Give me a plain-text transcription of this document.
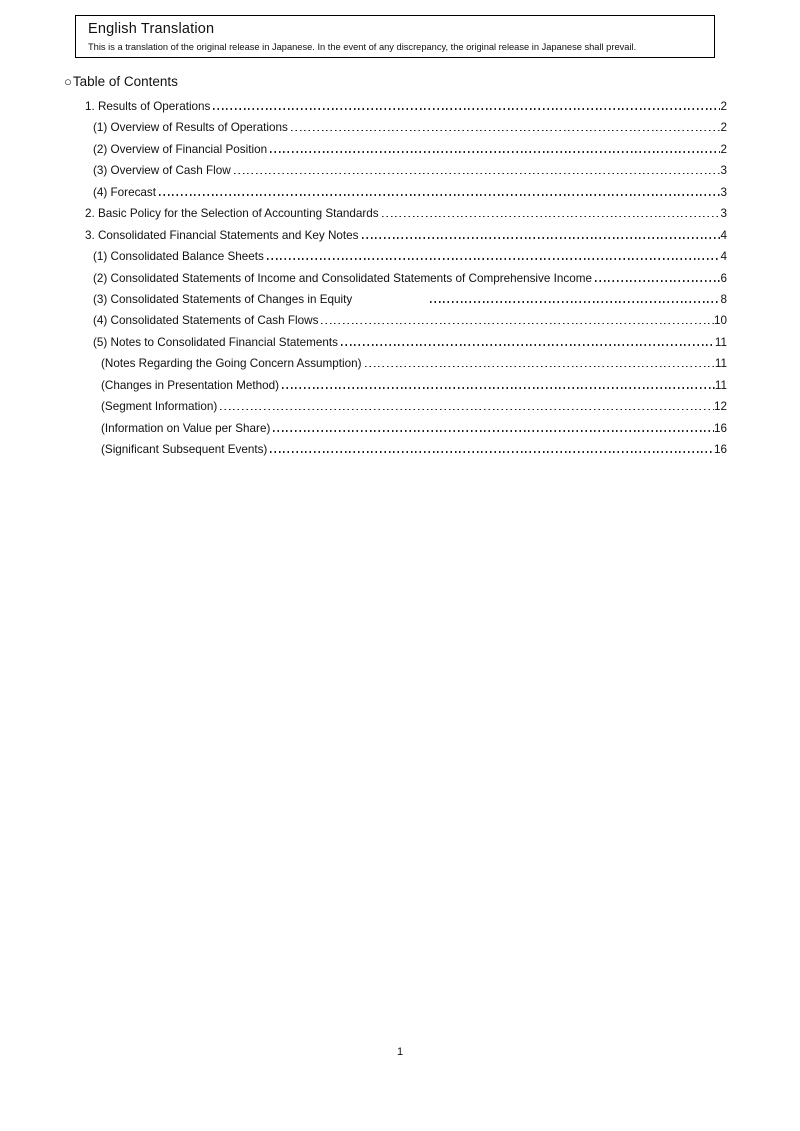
English Translation
This is a translation of the original release in Japanese. In the event of any discrepancy, the original release in Japanese shall prevail.
○ Table of Contents
1. Results of Operations	2
(1) Overview of Results of Operations	2
(2) Overview of Financial Position	2
(3) Overview of Cash Flow	3
(4) Forecast	3
2. Basic Policy for the Selection of Accounting Standards	3
3. Consolidated Financial Statements and Key Notes	4
(1) Consolidated Balance Sheets	4
(2) Consolidated Statements of Income and Consolidated Statements of Comprehensive Income	6
(3) Consolidated Statements of Changes in Equity	8
(4) Consolidated Statements of Cash Flows	10
(5) Notes to Consolidated Financial Statements	11
(Notes Regarding the Going Concern Assumption)	11
(Changes in Presentation Method)	11
(Segment Information)	12
(Information on Value per Share)	16
(Significant Subsequent Events)	16
1
